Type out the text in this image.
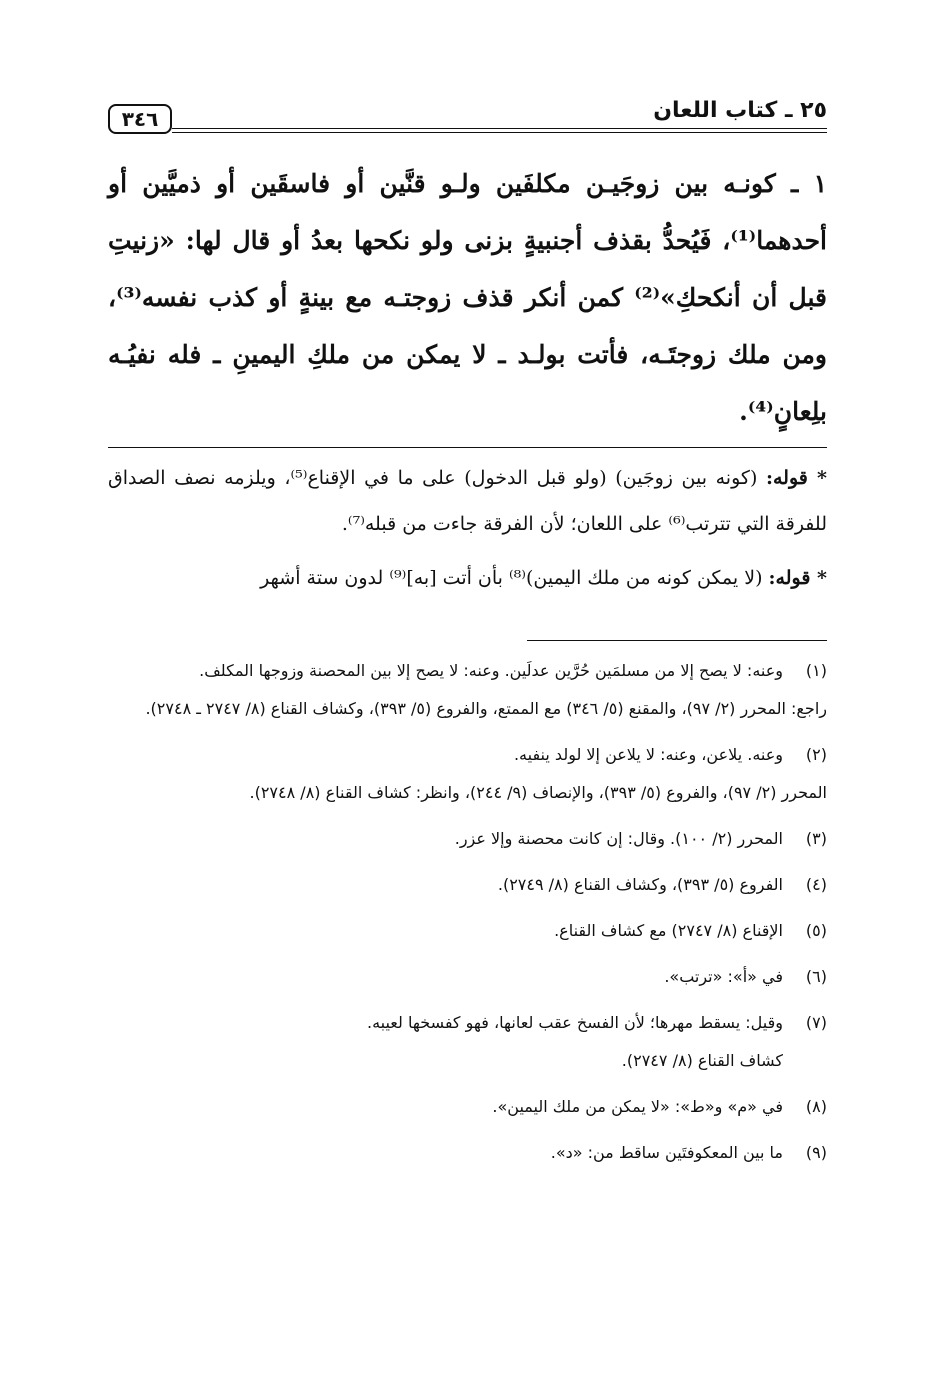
٢٥ ـ كتاب اللعان
٣٤٦
١ ـ كونـه بين زوجَيـن مكلفَين ولـو قنَّين أو فاسقَين أو ذميَّين أو أحدهما⁽¹⁾، فَيُحدُّ بقذف أجنبيةٍ بزنى ولو نكحها بعدُ أو قال لها: «زنيتِ قبل أن أنكحكِ»⁽²⁾ كمن أنكر قذف زوجتـه مع بينةٍ أو كذب نفسه⁽³⁾، ومن ملك زوجتَـه، فأتت بولـد ـ لا يمكن من ملكِ اليمينِ ـ فله نفيُـه بلِعانٍ⁽⁴⁾.

* قوله: (كونه بين زوجَين) (ولو قبل الدخول) على ما في الإقناع⁽⁵⁾، ويلزمه نصف الصداق للفرقة التي تترتب⁽⁶⁾ على اللعان؛ لأن الفرقة جاءت من قبله⁽⁷⁾.

* قوله: (لا يمكن كونه من ملك اليمين)⁽⁸⁾ بأن أتت [به]⁽⁹⁾ لدون ستة أشهر

(١)
وعنه: لا يصح إلا من مسلمَين حُرَّين عدلَين. وعنه: لا يصح إلا بين المحصنة وزوجها المكلف.
راجع: المحرر (٢/ ٩٧)، والمقنع (٥/ ٣٤٦) مع الممتع، والفروع (٥/ ٣٩٣)، وكشاف القناع (٨/ ٢٧٤٧ ـ ٢٧٤٨).
(٢)
وعنه. يلاعن، وعنه: لا يلاعن إلا لولد ينفيه.
المحرر (٢/ ٩٧)، والفروع (٥/ ٣٩٣)، والإنصاف (٩/ ٢٤٤)، وانظر: كشاف القناع (٨/ ٢٧٤٨).
(٣)
المحرر (٢/ ١٠٠). وقال: إن كانت محصنة وإلا عزر.
(٤)
الفروع (٥/ ٣٩٣)، وكشاف القناع (٨/ ٢٧٤٩).
(٥)
الإقناع (٨/ ٢٧٤٧) مع كشاف القناع.
(٦)
في «أ»: «ترتب».
(٧)
وقيل: يسقط مهرها؛ لأن الفسخ عقب لعانها، فهو كفسخها لعيبه.
كشاف القناع (٨/ ٢٧٤٧).
(٨)
في «م» و«ط»: «لا يمكن من ملك اليمين».
(٩)
ما بين المعكوفتَين ساقط من: «د».
